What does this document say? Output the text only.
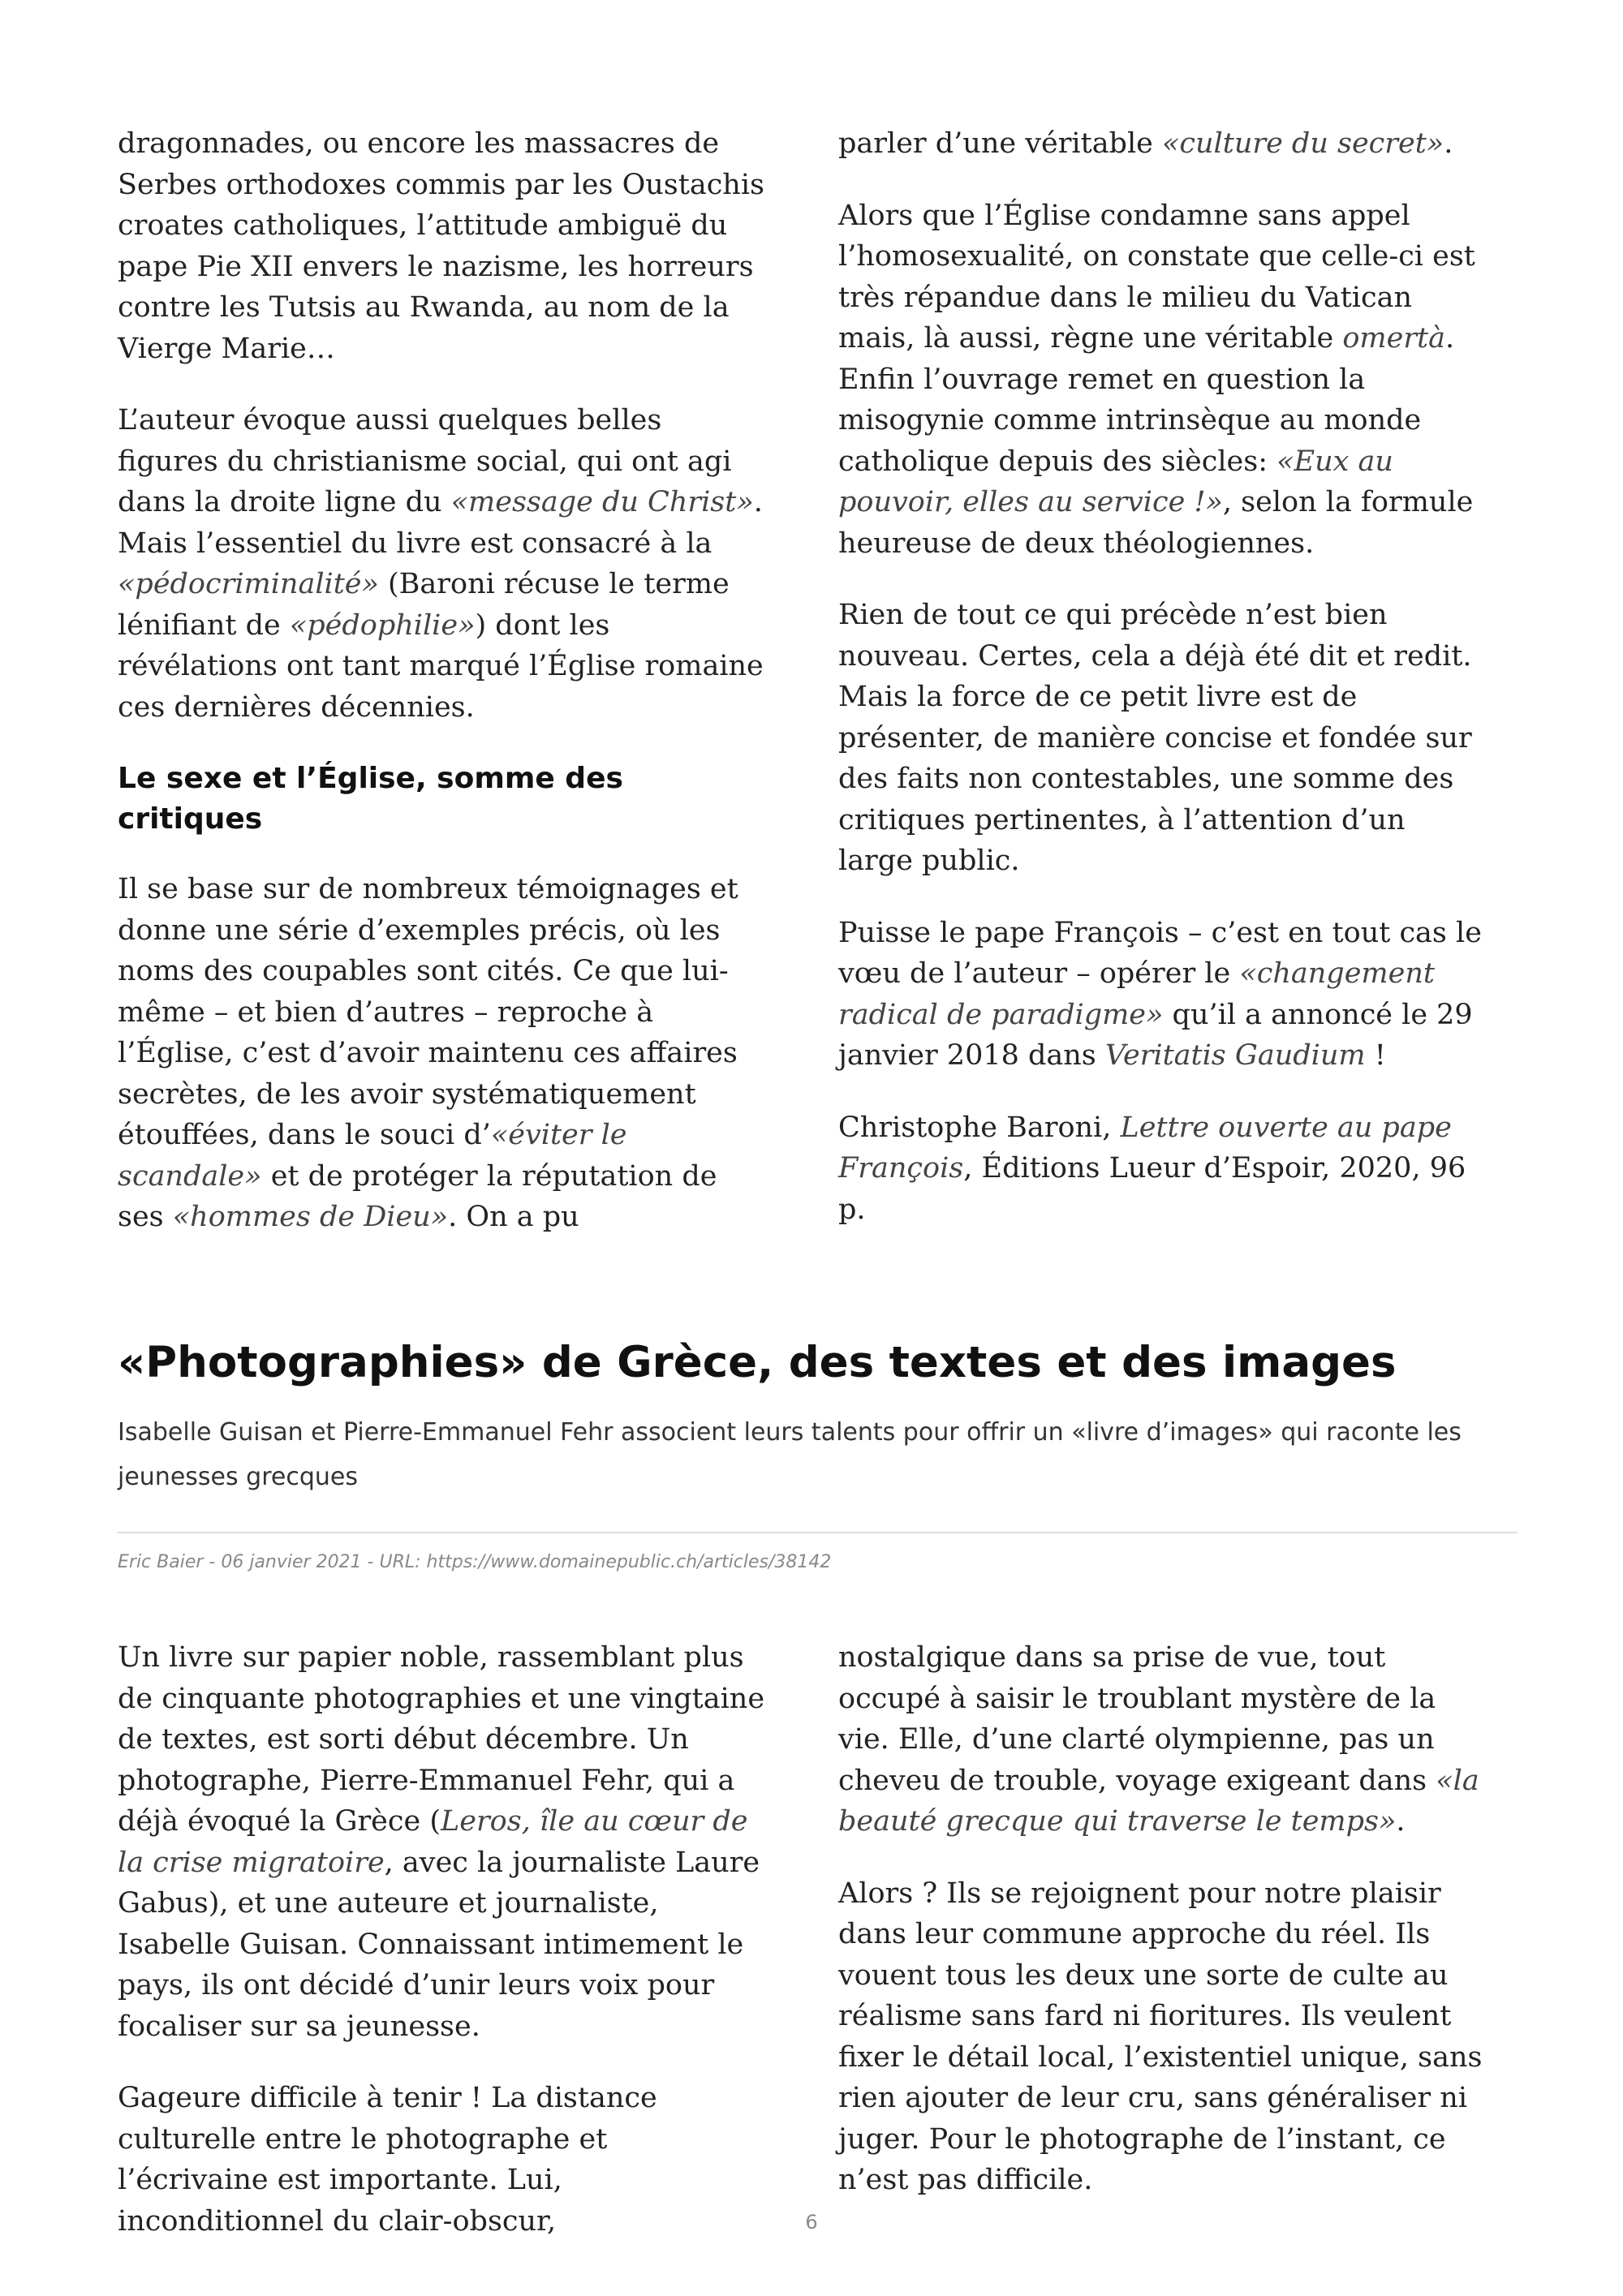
dragonnades, ou encore les massacres de Serbes orthodoxes commis par les Oustachis croates catholiques, l’attitude ambiguë du pape Pie XII envers le nazisme, les horreurs contre les Tutsis au Rwanda, au nom de la Vierge Marie…

L’auteur évoque aussi quelques belles figures du christianisme social, qui ont agi dans la droite ligne du «message du Christ». Mais l’essentiel du livre est consacré à la «pédocriminalité» (Baroni récuse le terme lénifiant de «pédophilie») dont les révélations ont tant marqué l’Église romaine ces dernières décennies.

Le sexe et l’Église, somme des critiques

Il se base sur de nombreux témoignages et donne une série d’exemples précis, où les noms des coupables sont cités. Ce que lui-même – et bien d’autres – reproche à l’Église, c’est d’avoir maintenu ces affaires secrètes, de les avoir systématiquement étouffées, dans le souci d’«éviter le scandale» et de protéger la réputation de ses «hommes de Dieu». On a pu

parler d’une véritable «culture du secret».

Alors que l’Église condamne sans appel l’homosexualité, on constate que celle-ci est très répandue dans le milieu du Vatican mais, là aussi, règne une véritable omertà. Enfin l’ouvrage remet en question la misogynie comme intrinsèque au monde catholique depuis des siècles: «Eux au pouvoir, elles au service !», selon la formule heureuse de deux théologiennes.

Rien de tout ce qui précède n’est bien nouveau. Certes, cela a déjà été dit et redit. Mais la force de ce petit livre est de présenter, de manière concise et fondée sur des faits non contestables, une somme des critiques pertinentes, à l’attention d’un large public.

Puisse le pape François – c’est en tout cas le vœu de l’auteur – opérer le «changement radical de paradigme» qu’il a annoncé le 29 janvier 2018 dans Veritatis Gaudium !

Christophe Baroni, Lettre ouverte au pape François, Éditions Lueur d’Espoir, 2020, 96 p.

«Photographies» de Grèce, des textes et des images

Isabelle Guisan et Pierre-Emmanuel Fehr associent leurs talents pour offrir un «livre d’images» qui raconte les jeunesses grecques

Eric Baier - 06 janvier 2021 - URL: https://www.domainepublic.ch/articles/38142

Un livre sur papier noble, rassemblant plus de cinquante photographies et une vingtaine de textes, est sorti début décembre. Un photographe, Pierre-Emmanuel Fehr, qui a déjà évoqué la Grèce (Leros, île au cœur de la crise migratoire, avec la journaliste Laure Gabus), et une auteure et journaliste, Isabelle Guisan. Connaissant intimement le pays, ils ont décidé d’unir leurs voix pour focaliser sur sa jeunesse.

Gageure difficile à tenir ! La distance culturelle entre le photographe et l’écrivaine est importante. Lui, inconditionnel du clair-obscur,

nostalgique dans sa prise de vue, tout occupé à saisir le troublant mystère de la vie. Elle, d’une clarté olympienne, pas un cheveu de trouble, voyage exigeant dans «la beauté grecque qui traverse le temps».

Alors ? Ils se rejoignent pour notre plaisir dans leur commune approche du réel. Ils vouent tous les deux une sorte de culte au réalisme sans fard ni fioritures. Ils veulent fixer le détail local, l’existentiel unique, sans rien ajouter de leur cru, sans généraliser ni juger. Pour le photographe de l’instant, ce n’est pas difficile.

6
